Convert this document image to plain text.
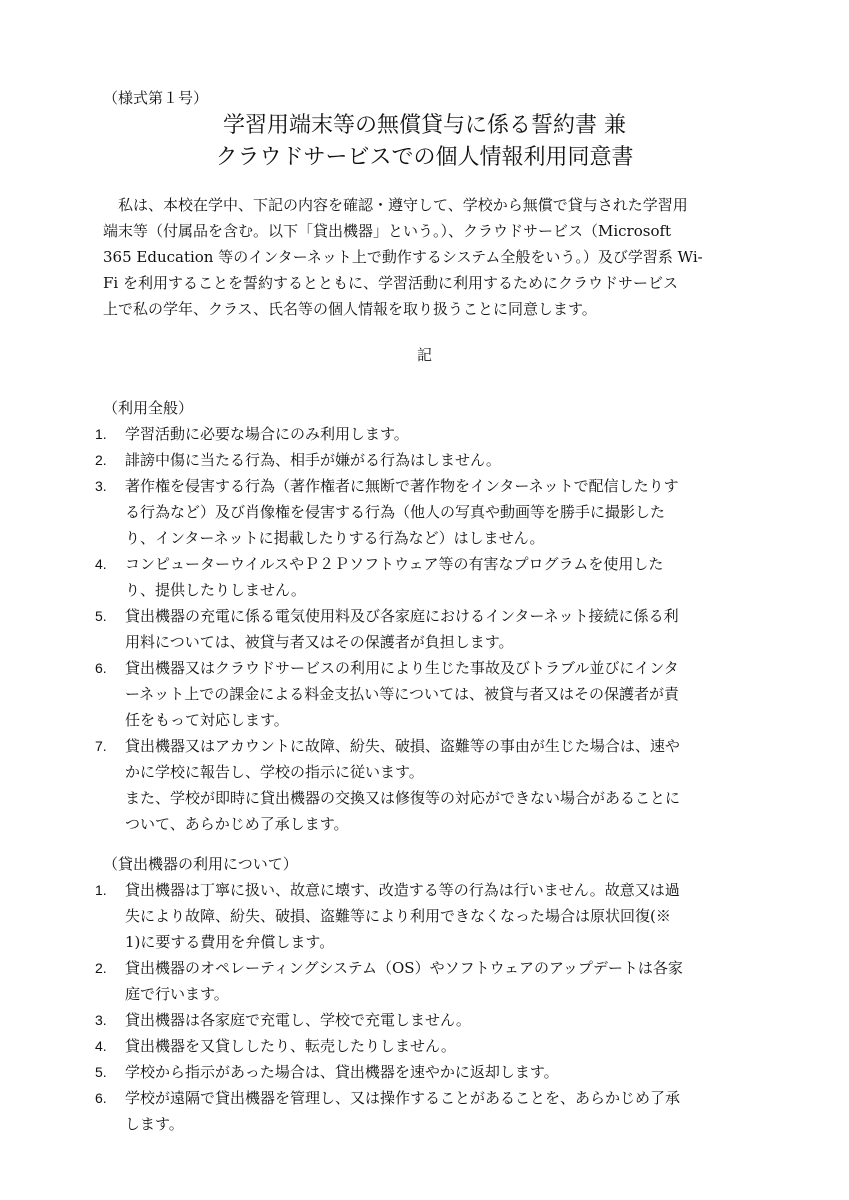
（様式第１号）
学習用端末等の無償貸与に係る誓約書 兼
クラウドサービスでの個人情報利用同意書
　私は、本校在学中、下記の内容を確認・遵守して、学校から無償で貸与された学習用
端末等（付属品を含む。以下「貸出機器」という。）、クラウドサービス（Microsoft
365 Education 等のインターネット上で動作するシステム全般をいう。）及び学習系 Wi-
Fi を利用することを誓約するとともに、学習活動に利用するためにクラウドサービス
上で私の学年、クラス、氏名等の個人情報を取り扱うことに同意します。
記
（利用全般）
1.	学習活動に必要な場合にのみ利用します。
2.	誹謗中傷に当たる行為、相手が嫌がる行為はしません。
3.	著作権を侵害する行為（著作権者に無断で著作物をインターネットで配信したりす
る行為など）及び肖像権を侵害する行為（他人の写真や動画等を勝手に撮影した
り、インターネットに掲載したりする行為など）はしません。
4.	コンピューターウイルスやＰ２Ｐソフトウェア等の有害なプログラムを使用した
り、提供したりしません。
5.	貸出機器の充電に係る電気使用料及び各家庭におけるインターネット接続に係る利
用料については、被貸与者又はその保護者が負担します。
6.	貸出機器又はクラウドサービスの利用により生じた事故及びトラブル並びにインタ
ーネット上での課金による料金支払い等については、被貸与者又はその保護者が責
任をもって対応します。
7.	貸出機器又はアカウントに故障、紛失、破損、盗難等の事由が生じた場合は、速や
かに学校に報告し、学校の指示に従います。
また、学校が即時に貸出機器の交換又は修復等の対応ができない場合があることに
ついて、あらかじめ了承します。
（貸出機器の利用について）
1.	貸出機器は丁寧に扱い、故意に壊す、改造する等の行為は行いません。故意又は過
失により故障、紛失、破損、盗難等により利用できなくなった場合は原状回復(※
1)に要する費用を弁償します。
2.	貸出機器のオペレーティングシステム（OS）やソフトウェアのアップデートは各家
庭で行います。
3.	貸出機器は各家庭で充電し、学校で充電しません。
4.	貸出機器を又貸ししたり、転売したりしません。
5.	学校から指示があった場合は、貸出機器を速やかに返却します。
6.	学校が遠隔で貸出機器を管理し、又は操作することがあることを、あらかじめ了承
します。
